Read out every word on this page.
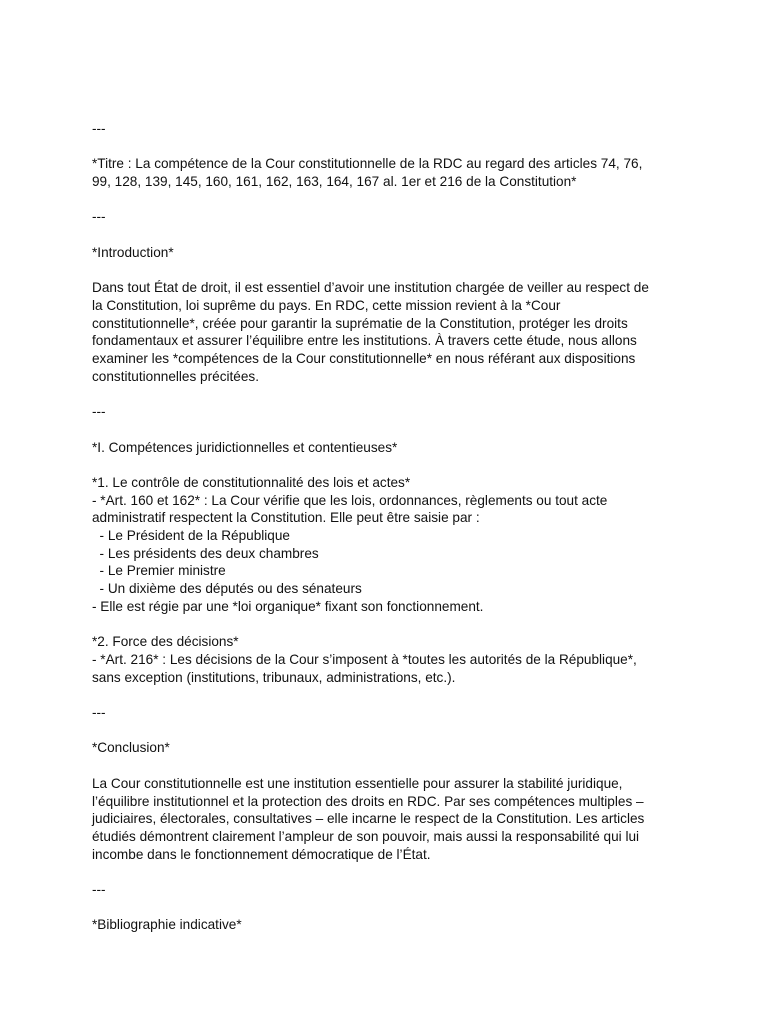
---
*Titre : La compétence de la Cour constitutionnelle de la RDC au regard des articles 74, 76,
99, 128, 139, 145, 160, 161, 162, 163, 164, 167 al. 1er et 216 de la Constitution*
---
*Introduction*
Dans tout État de droit, il est essentiel d’avoir une institution chargée de veiller au respect de
la Constitution, loi suprême du pays. En RDC, cette mission revient à la *Cour
constitutionnelle*, créée pour garantir la suprématie de la Constitution, protéger les droits
fondamentaux et assurer l’équilibre entre les institutions. À travers cette étude, nous allons
examiner les *compétences de la Cour constitutionnelle* en nous référant aux dispositions
constitutionnelles précitées.
---
*I. Compétences juridictionnelles et contentieuses*
*1. Le contrôle de constitutionnalité des lois et actes*
- *Art. 160 et 162* : La Cour vérifie que les lois, ordonnances, règlements ou tout acte
administratif respectent la Constitution. Elle peut être saisie par :
- Le Président de la République
- Les présidents des deux chambres
- Le Premier ministre
- Un dixième des députés ou des sénateurs
- Elle est régie par une *loi organique* fixant son fonctionnement.
*2. Force des décisions*
- *Art. 216* : Les décisions de la Cour s’imposent à *toutes les autorités de la République*,
sans exception (institutions, tribunaux, administrations, etc.).
---
*Conclusion*
La Cour constitutionnelle est une institution essentielle pour assurer la stabilité juridique,
l’équilibre institutionnel et la protection des droits en RDC. Par ses compétences multiples –
judiciaires, électorales, consultatives – elle incarne le respect de la Constitution. Les articles
étudiés démontrent clairement l’ampleur de son pouvoir, mais aussi la responsabilité qui lui
incombe dans le fonctionnement démocratique de l’État.
---
*Bibliographie indicative*
